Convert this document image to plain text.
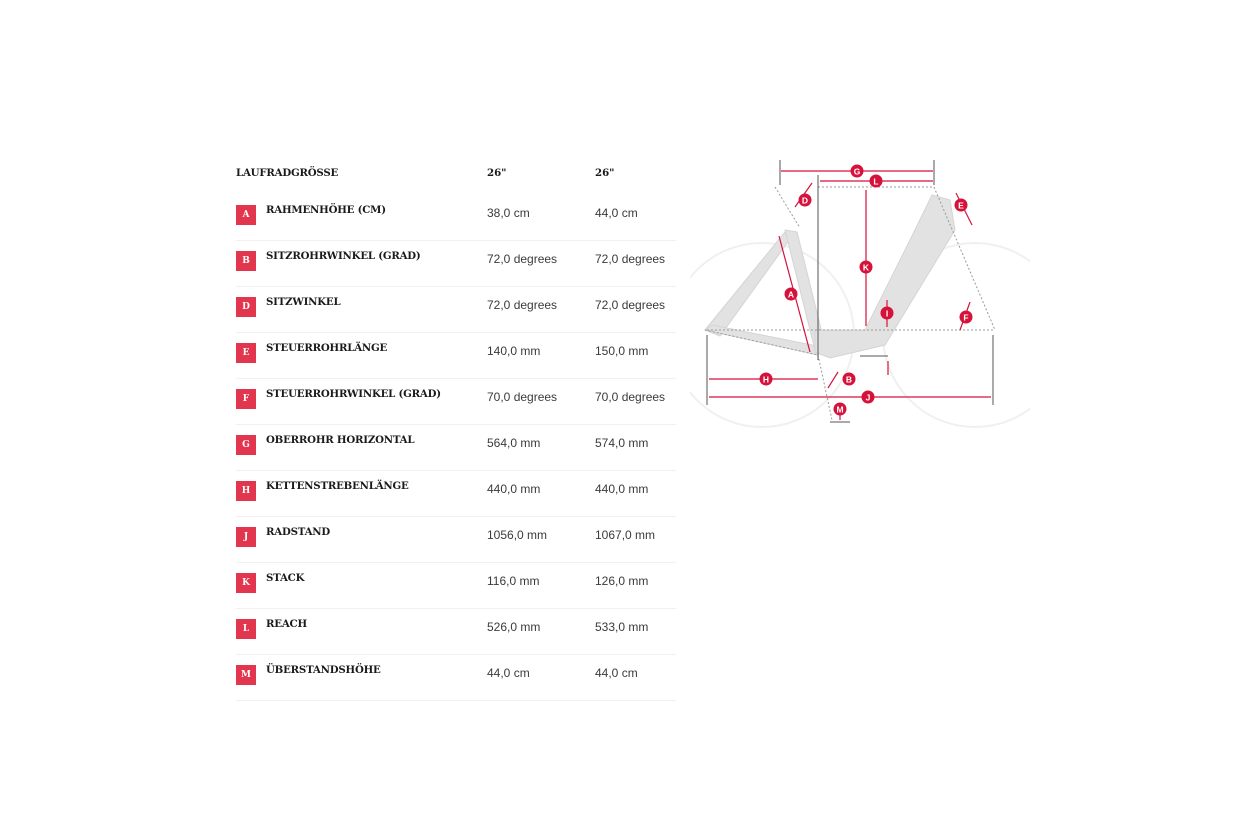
LAUFRADGRÖSSE	26"	26"
A	RAHMENHÖHE (CM)	38,0 cm	44,0 cm
B	SITZROHRWINKEL (GRAD)	72,0 degrees	72,0 degrees
D	SITZWINKEL	72,0 degrees	72,0 degrees
E	STEUERROHRLÄNGE	140,0 mm	150,0 mm
F	STEUERROHRWINKEL (GRAD)	70,0 degrees	70,0 degrees
G	OBERROHR HORIZONTAL	564,0 mm	574,0 mm
H	KETTENSTREBENLÄNGE	440,0 mm	440,0 mm
J	RADSTAND	1056,0 mm	1067,0 mm
K	STACK	116,0 mm	126,0 mm
L	REACH	526,0 mm	533,0 mm
M	ÜBERSTANDSHÖHE	44,0 cm	44,0 cm
G
L
D	E
K
A
I	F
H	B
J
M
